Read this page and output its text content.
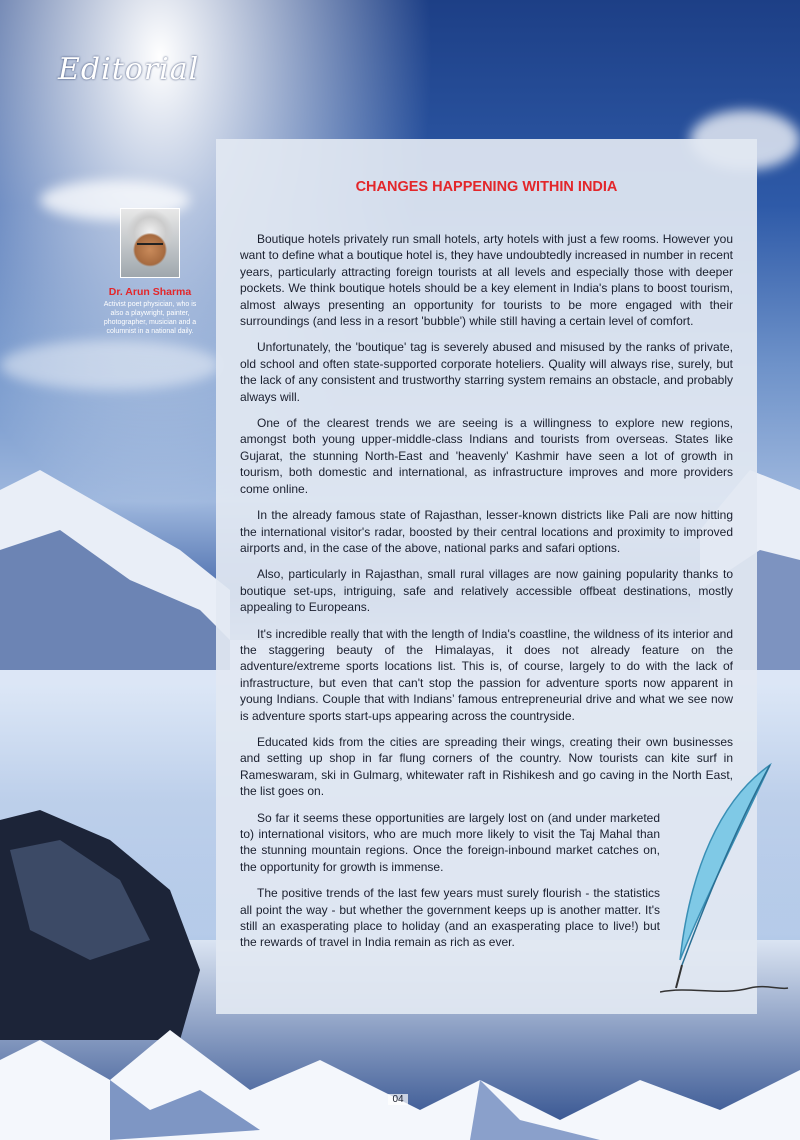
Editorial
Dr. Arun Sharma
Activist poet physician, who is also a playwright, painter, photographer, musician and a columnist in a national daily.
CHANGES HAPPENING WITHIN INDIA

Boutique hotels privately run small hotels, arty hotels with just a few rooms. However you want to define what a boutique hotel is, they have undoubtedly increased in number in recent years, particularly attracting foreign tourists at all levels and especially those with deeper pockets. We think boutique hotels should be a key element in India's plans to boost tourism, almost always presenting an opportunity for tourists to be more engaged with their surroundings (and less in a resort 'bubble') while still having a certain level of comfort.

Unfortunately, the 'boutique' tag is severely abused and misused by the ranks of private, old school and often state-supported corporate hoteliers. Quality will always rise, surely, but the lack of any consistent and trustworthy starring system remains an obstacle, and probably always will.

One of the clearest trends we are seeing is a willingness to explore new regions, amongst both young upper-middle-class Indians and tourists from overseas. States like Gujarat, the stunning North-East and 'heavenly' Kashmir have seen a lot of growth in tourism, both domestic and international, as infrastructure improves and more providers come online.

In the already famous state of Rajasthan, lesser-known districts like Pali are now hitting the international visitor's radar, boosted by their central locations and proximity to improved airports and, in the case of the above, national parks and safari options.

Also, particularly in Rajasthan, small rural villages are now gaining popularity thanks to boutique set-ups, intriguing, safe and relatively accessible offbeat destinations, mostly appealing to Europeans.

It's incredible really that with the length of India's coastline, the wildness of its interior and the staggering beauty of the Himalayas, it does not already feature on the adventure/extreme sports locations list. This is, of course, largely to do with the lack of infrastructure, but even that can't stop the passion for adventure sports now apparent in young Indians. Couple that with Indians’ famous entrepreneurial drive and what we see now is adventure sports start-ups appearing across the countryside.

Educated kids from the cities are spreading their wings, creating their own businesses and setting up shop in far flung corners of the country. Now tourists can kite surf in Rameswaram, ski in Gulmarg, whitewater raft in Rishikesh and go caving in the North East, the list goes on.

So far it seems these opportunities are largely lost on (and under marketed to) international visitors, who are much more likely to visit the Taj Mahal than the stunning mountain regions. Once the foreign-inbound market catches on, the opportunity for growth is immense.

The positive trends of the last few years must surely flourish - the statistics all point the way - but whether the government keeps up is another matter. It's still an exasperating place to holiday (and an exasperating place to live!) but the rewards of travel in India remain as rich as ever.

04
